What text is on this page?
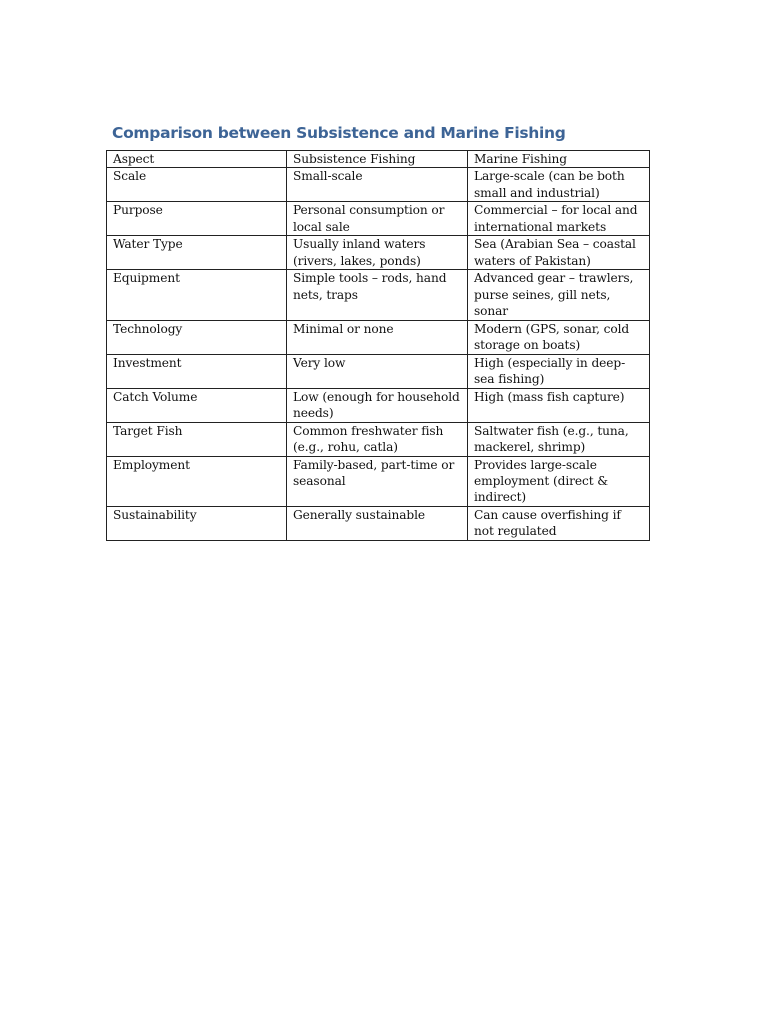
Comparison between Subsistence and Marine Fishing
Aspect	Subsistence Fishing	Marine Fishing
Scale	Small-scale	Large-scale (can be both small and industrial)
Purpose	Personal consumption or local sale	Commercial – for local and international markets
Water Type	Usually inland waters (rivers, lakes, ponds)	Sea (Arabian Sea – coastal waters of Pakistan)
Equipment	Simple tools – rods, hand nets, traps	Advanced gear – trawlers, purse seines, gill nets, sonar
Technology	Minimal or none	Modern (GPS, sonar, cold storage on boats)
Investment	Very low	High (especially in deep-sea fishing)
Catch Volume	Low (enough for household needs)	High (mass fish capture)
Target Fish	Common freshwater fish (e.g., rohu, catla)	Saltwater fish (e.g., tuna, mackerel, shrimp)
Employment	Family-based, part-time or seasonal	Provides large-scale employment (direct & indirect)
Sustainability	Generally sustainable	Can cause overfishing if not regulated
